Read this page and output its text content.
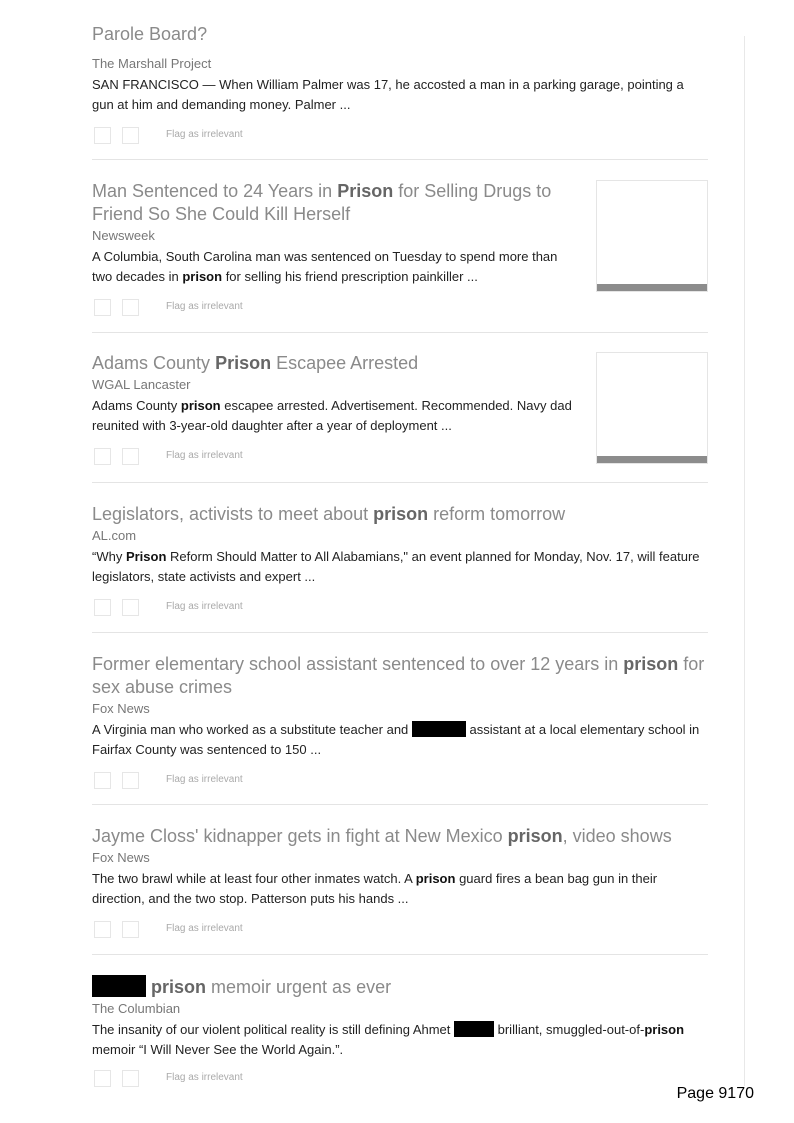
Parole Board?
The Marshall Project
SAN FRANCISCO — When William Palmer was 17, he accosted a man in a parking garage, pointing a gun at him and demanding money. Palmer ...
Flag as irrelevant
Man Sentenced to 24 Years in Prison for Selling Drugs to Friend So She Could Kill Herself
Newsweek
A Columbia, South Carolina man was sentenced on Tuesday to spend more than two decades in prison for selling his friend prescription painkiller ...
Flag as irrelevant
Adams County Prison Escapee Arrested
WGAL Lancaster
Adams County prison escapee arrested. Advertisement. Recommended. Navy dad reunited with 3-year-old daughter after a year of deployment ...
Flag as irrelevant
Legislators, activists to meet about prison reform tomorrow
AL.com
“Why Prison Reform Should Matter to All Alabamians," an event planned for Monday, Nov. 17, will feature legislators, state activists and expert ...
Flag as irrelevant
Former elementary school assistant sentenced to over 12 years in prison for sex abuse crimes
Fox News
A Virginia man who worked as a substitute teacher and	assistant at a local elementary school in Fairfax County was sentenced to 150 ...
Flag as irrelevant
Jayme Closs' kidnapper gets in fight at New Mexico prison, video shows
Fox News
The two brawl while at least four other inmates watch. A prison guard fires a bean bag gun in their direction, and the two stop. Patterson puts his hands ...
Flag as irrelevant
prison memoir urgent as ever
The Columbian
The insanity of our violent political reality is still defining Ahmet	brilliant, smuggled-out-of-prison memoir “I Will Never See the World Again.”.
Flag as irrelevant
Page 9170
